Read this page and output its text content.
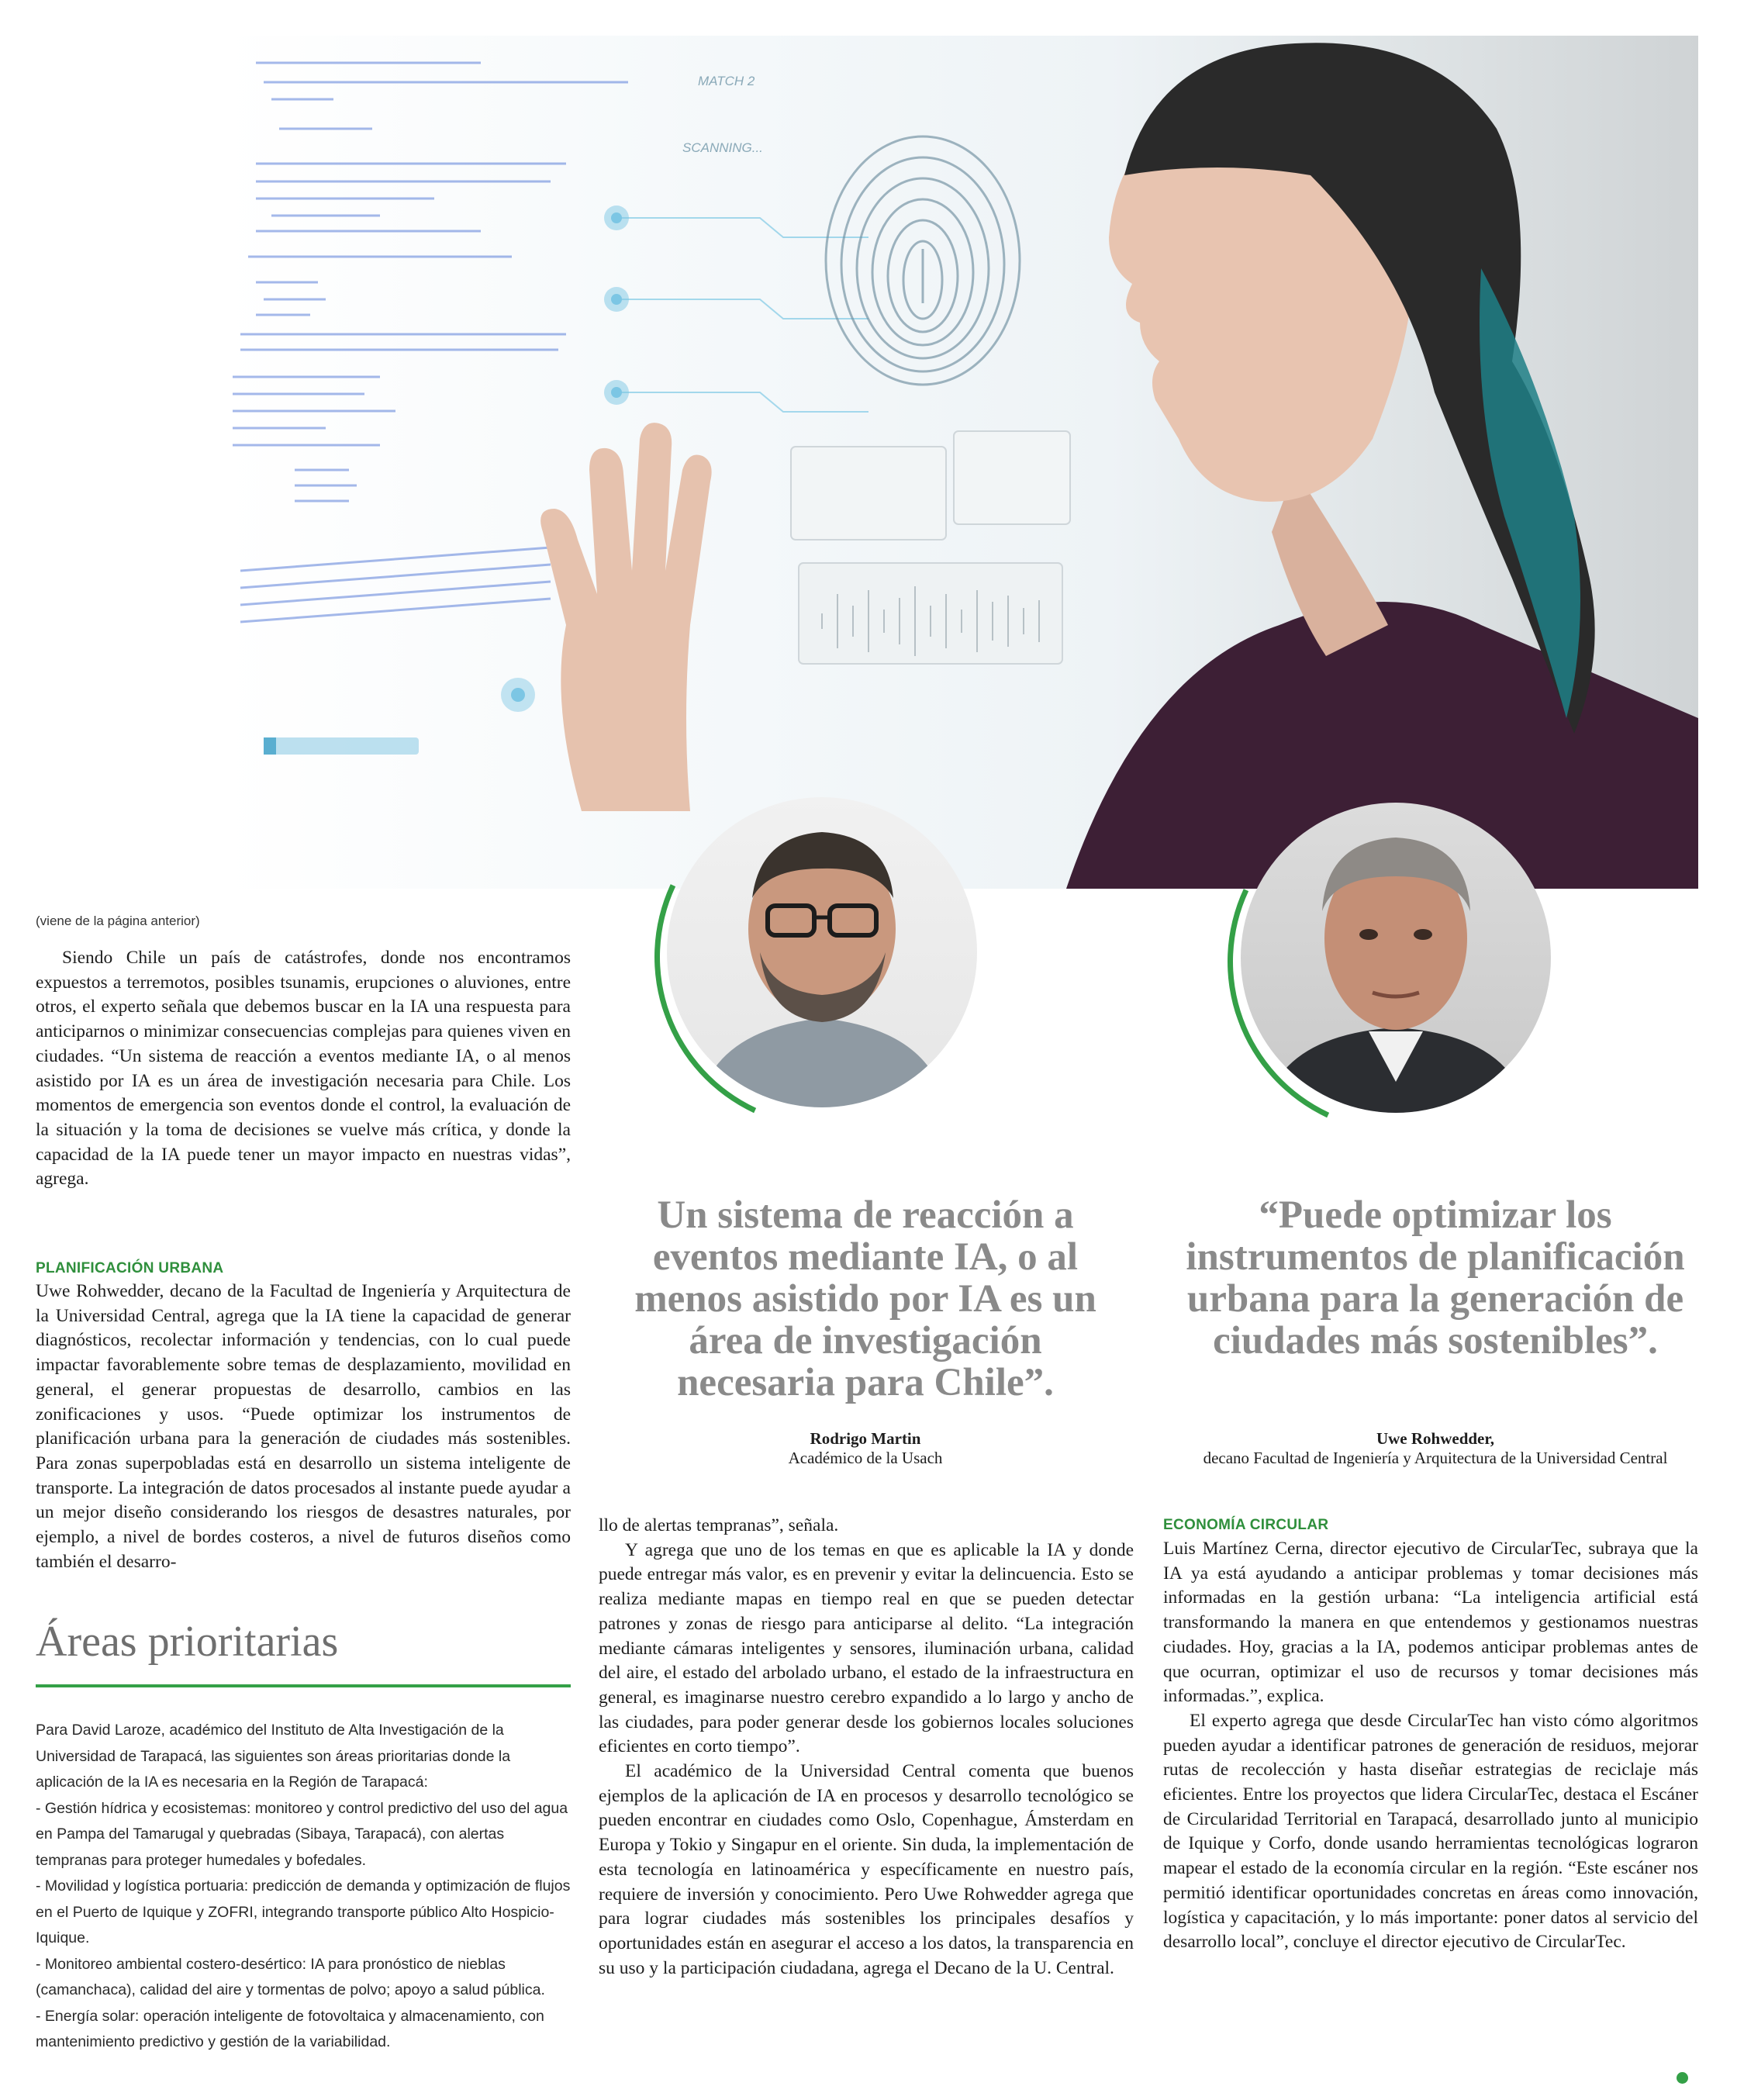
MATCH 2
SCANNING...
(viene de la página anterior)

Siendo Chile un país de catástrofes, donde nos encontramos expuestos a terremotos, posibles tsunamis, erupciones o aluviones, entre otros, el experto señala que debemos buscar en la IA una respuesta para anticiparnos o minimizar consecuencias complejas para quienes viven en ciudades. “Un sistema de reacción a eventos mediante IA, o al menos asistido por IA es un área de investigación necesaria para Chile. Los momentos de emergencia son eventos donde el control, la evaluación de la situación y la toma de decisiones se vuelve más crítica, y donde la capacidad de la IA puede tener un mayor impacto en nuestras vidas”, agrega.

PLANIFICACIÓN URBANA

Uwe Rohwedder, decano de la Facultad de Ingeniería y Arquitectura de la Universidad Central, agrega que la IA tiene la capacidad de generar diagnósticos, recolectar información y tendencias, con lo cual puede impactar favorablemente sobre temas de desplazamiento, movilidad en general, el generar propuestas de desarrollo, cambios en las zonificaciones y usos. “Puede optimizar los instrumentos de planificación urbana para la generación de ciudades más sostenibles. Para zonas superpobladas está en desarrollo un sistema inteligente de transporte. La integración de datos procesados al instante puede ayudar a un mejor diseño considerando los riesgos de desastres naturales, por ejemplo, a nivel de bordes costeros, a nivel de futuros diseños como también el desarro-

Áreas prioritarias

Para David Laroze, académico del Instituto de Alta Investigación de la Universidad de Tarapacá, las siguientes son áreas prioritarias donde la aplicación de la IA es necesaria en la Región de Tarapacá:

- Gestión hídrica y ecosistemas: monitoreo y control predictivo del uso del agua en Pampa del Tamarugal y quebradas (Sibaya, Tarapacá), con alertas tempranas para proteger humedales y bofedales.

- Movilidad y logística portuaria: predicción de demanda y optimización de flujos en el Puerto de Iquique y ZOFRI, integrando transporte público Alto Hospicio-Iquique.

- Monitoreo ambiental costero-desértico: IA para pronóstico de nieblas (camanchaca), calidad del aire y tormentas de polvo; apoyo a salud pública.

- Energía solar: operación inteligente de fotovoltaica y almacenamiento, con mantenimiento predictivo y gestión de la variabilidad.

Un sistema de reacción a eventos mediante IA, o al menos asistido por IA es un área de investigación necesaria para Chile”.
Rodrigo Martin
Académico de la Usach
“Puede optimizar los instrumentos de planificación urbana para la generación de ciudades más sostenibles”.
Uwe Rohwedder,
decano Facultad de Ingeniería y Arquitectura de la Universidad Central

llo de alertas tempranas”, señala.

Y agrega que uno de los temas en que es aplicable la IA y donde puede entregar más valor, es en prevenir y evitar la delincuencia. Esto se realiza mediante mapas en tiempo real en que se pueden detectar patrones y zonas de riesgo para anticiparse al delito. “La integración mediante cámaras inteligentes y sensores, iluminación urbana, calidad del aire, el estado del arbolado urbano, el estado de la infraestructura en general, es imaginarse nuestro cerebro expandido a lo largo y ancho de las ciudades, para poder generar desde los gobiernos locales soluciones eficientes en corto tiempo”.

El académico de la Universidad Central comenta que buenos ejemplos de la aplicación de IA en procesos y desarrollo tecnológico se pueden encontrar en ciudades como Oslo, Copenhague, Ámsterdam en Europa y Tokio y Singapur en el oriente. Sin duda, la implementación de esta tecnología en latinoamérica y específicamente en nuestro país, requiere de inversión y conocimiento. Pero Uwe Rohwedder agrega que para lograr ciudades más sostenibles los principales desafíos y oportunidades están en asegurar el acceso a los datos, la transparencia en su uso y la participación ciudadana, agrega el Decano de la U. Central.

ECONOMÍA CIRCULAR

Luis Martínez Cerna, director ejecutivo de CircularTec, subraya que la IA ya está ayudando a anticipar problemas y tomar decisiones más informadas en la gestión urbana: “La inteligencia artificial está transformando la manera en que entendemos y gestionamos nuestras ciudades. Hoy, gracias a la IA, podemos anticipar problemas antes de que ocurran, optimizar el uso de recursos y tomar decisiones más informadas.”, explica.

El experto agrega que desde CircularTec han visto cómo algoritmos pueden ayudar a identificar patrones de generación de residuos, mejorar rutas de recolección y hasta diseñar estrategias de reciclaje más eficientes. Entre los proyectos que lidera CircularTec, destaca el Escáner de Circularidad Territorial en Tarapacá, desarrollado junto al municipio de Iquique y Corfo, donde usando herramientas tecnológicas lograron mapear el estado de la economía circular en la región. “Este escáner nos permitió identificar oportunidades concretas en áreas como innovación, logística y capacitación, y lo más importante: poner datos al servicio del desarrollo local”, concluye el director ejecutivo de CircularTec.
